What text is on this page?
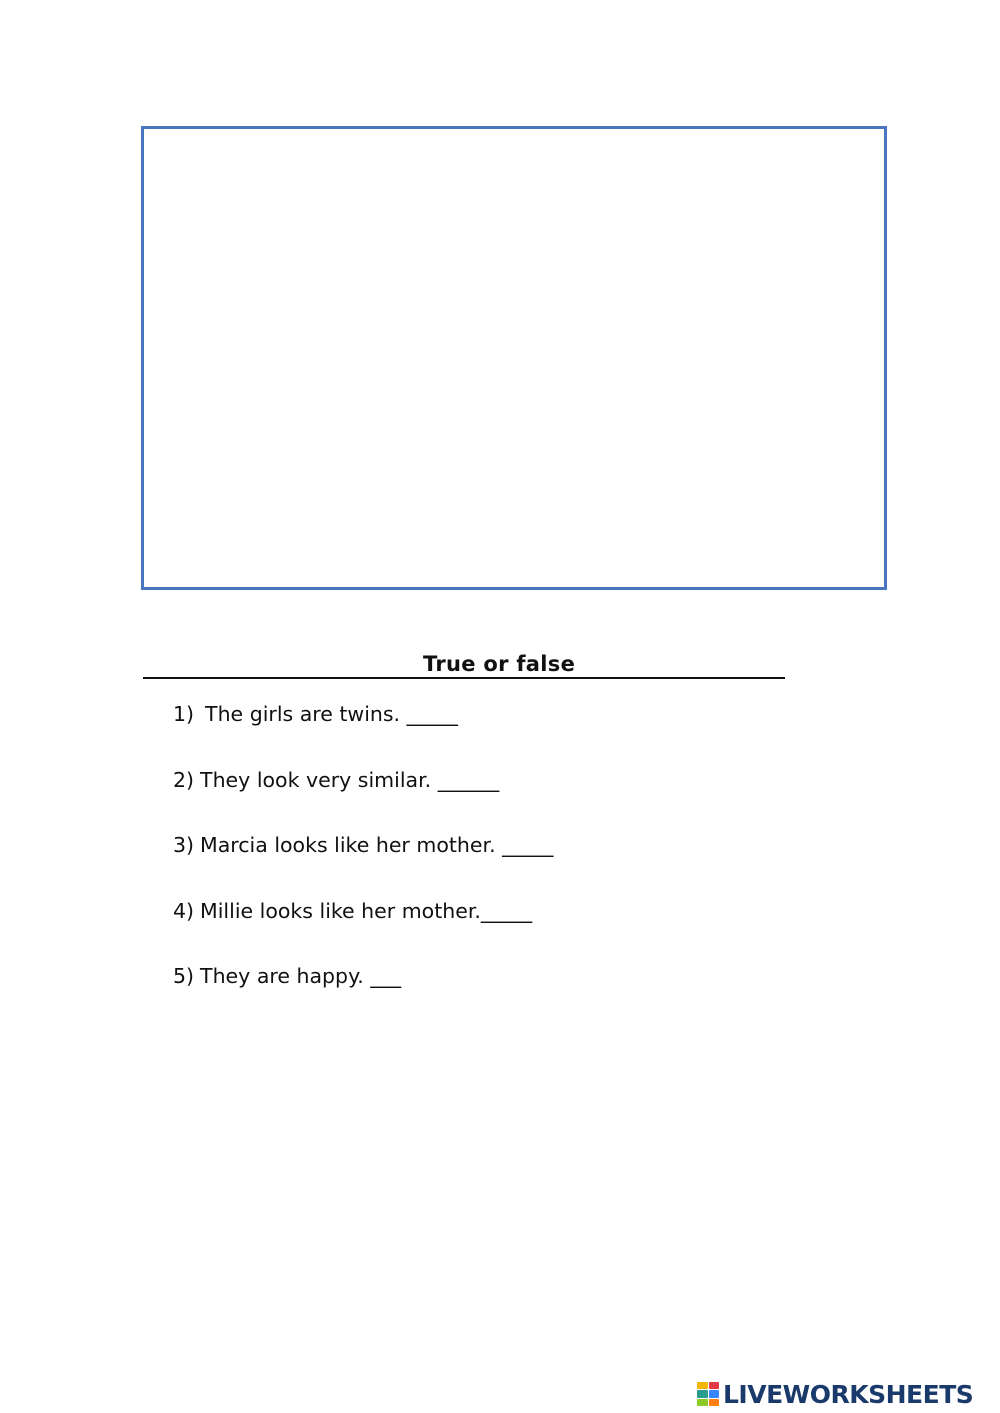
True or false
1) The girls are twins. _____
2) They look very similar. ______
3) Marcia looks like her mother. _____
4) Millie looks like her mother._____
5) They are happy. ___
LIVEWORKSHEETS
